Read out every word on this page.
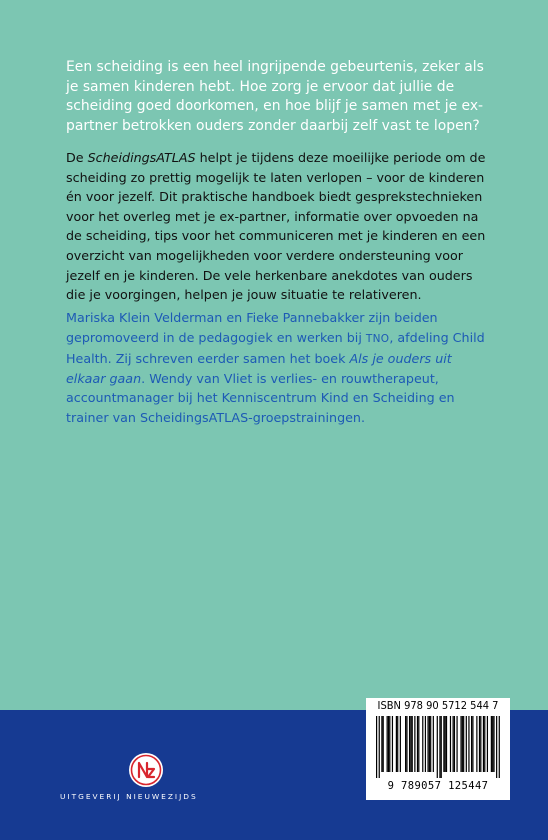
Een scheiding is een heel ingrijpende gebeurtenis, zeker als je samen kinderen hebt. Hoe zorg je ervoor dat jullie de scheiding goed doorkomen, en hoe blijf je samen met je ex-partner betrokken ouders zonder daarbij zelf vast te lopen?

De ScheidingsATLAS helpt je tijdens deze moeilijke periode om de scheiding zo prettig mogelijk te laten verlopen – voor de kinderen én voor jezelf. Dit praktische handboek biedt gesprekstechnieken voor het overleg met je ex-partner, informatie over opvoeden na de scheiding, tips voor het communiceren met je kinderen en een overzicht van mogelijkheden voor verdere ondersteuning voor jezelf en je kinderen. De vele herkenbare anekdotes van ouders die je voorgingen, helpen je jouw situatie te relativeren.

Mariska Klein Velderman en Fieke Pannebakker zijn beiden gepromoveerd in de pedagogiek en werken bij TNO, afdeling Child Health. Zij schreven eerder samen het boek Als je ouders uit elkaar gaan. Wendy van Vliet is verlies- en rouwtherapeut, accountmanager bij het Kenniscentrum Kind en Scheiding en trainer van ScheidingsATLAS-groepstrainingen.

UITGEVERIJ NIEUWEZIJDS
ISBN 978 90 5712 544 7
9 789057 125447
